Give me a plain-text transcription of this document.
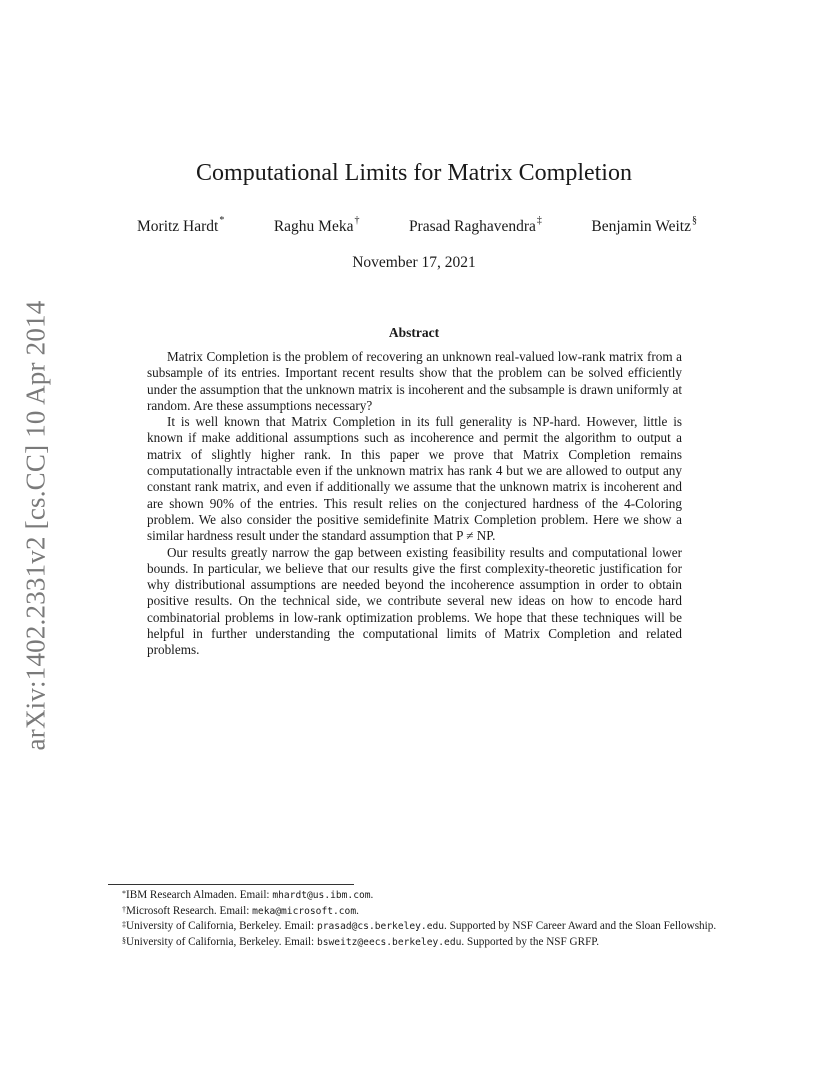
arXiv:1402.2331v2 [cs.CC] 10 Apr 2014
Computational Limits for Matrix Completion
Moritz Hardt*	Raghu Meka†	Prasad Raghavendra‡	Benjamin Weitz§
November 17, 2021
Abstract

Matrix Completion is the problem of recovering an unknown real-valued low-rank matrix from a subsample of its entries. Important recent results show that the problem can be solved efficiently under the assumption that the unknown matrix is incoherent and the subsample is drawn uniformly at random. Are these assumptions necessary?

It is well known that Matrix Completion in its full generality is NP-hard. However, little is known if make additional assumptions such as incoherence and permit the algorithm to output a matrix of slightly higher rank. In this paper we prove that Matrix Completion remains computationally intractable even if the unknown matrix has rank 4 but we are allowed to output any constant rank matrix, and even if additionally we assume that the unknown matrix is incoherent and are shown 90% of the entries. This result relies on the conjectured hardness of the 4-Coloring problem. We also consider the positive semidefinite Matrix Completion problem. Here we show a similar hardness result under the standard assumption that P ≠ NP.

Our results greatly narrow the gap between existing feasibility results and computational lower bounds. In particular, we believe that our results give the first complexity-theoretic justification for why distributional assumptions are needed beyond the incoherence assumption in order to obtain positive results. On the technical side, we contribute several new ideas on how to encode hard combinatorial problems in low-rank optimization problems. We hope that these techniques will be helpful in further understanding the computational limits of Matrix Completion and related problems.

*IBM Research Almaden. Email: mhardt@us.ibm.com.

†Microsoft Research. Email: meka@microsoft.com.

‡University of California, Berkeley. Email: prasad@cs.berkeley.edu. Supported by NSF Career Award and the Sloan Fellowship.

§University of California, Berkeley. Email: bsweitz@eecs.berkeley.edu. Supported by the NSF GRFP.
